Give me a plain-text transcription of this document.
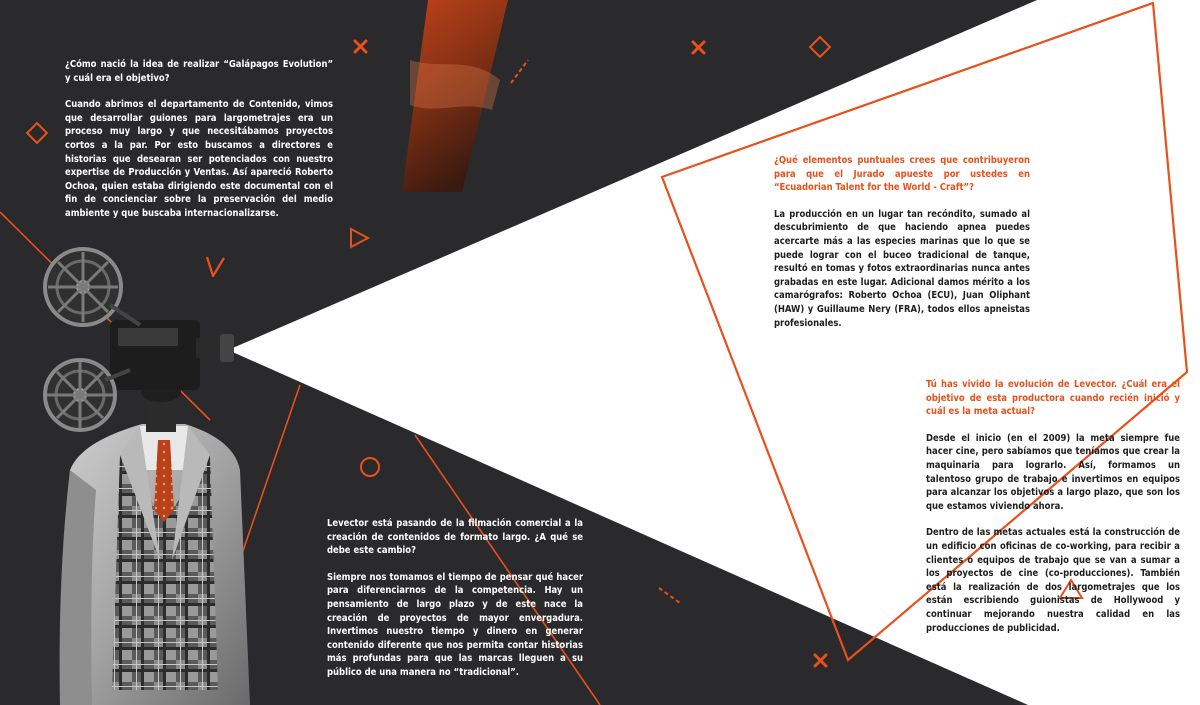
¿Cómo nació la idea de realizar “Galápagos Evolution” y cuál era el objetivo?

Cuando abrimos el departamento de Contenido, vimos que desarrollar guiones para largometrajes era un proceso muy largo y que necesitábamos proyectos cortos a la par. Por esto buscamos a directores e historias que desearan ser potenciados con nuestro expertise de Producción y Ventas. Así apareció Roberto Ochoa, quien estaba dirigiendo este documental con el fin de concienciar sobre la preservación del medio ambiente y que buscaba internacionalizarse.

¿Qué elementos puntuales crees que contribuyeron para que el Jurado apueste por ustedes en “Ecuadorian Talent for the World - Craft”?

La producción en un lugar tan recóndito, sumado al descubrimiento de que haciendo apnea puedes acercarte más a las especies marinas que lo que se puede lograr con el buceo tradicional de tanque, resultó en tomas y fotos extraordinarias nunca antes grabadas en este lugar. Adicional damos mérito a los camarógrafos: Roberto Ochoa (ECU), Juan Oliphant (HAW) y Guillaume Nery (FRA), todos ellos apneistas profesionales.

Tú has vivido la evolución de Levector. ¿Cuál era el objetivo de esta productora cuando recién inició y cuál es la meta actual?

Desde el inicio (en el 2009) la meta siempre fue hacer cine, pero sabíamos que teníamos que crear la maquinaria para lograrlo. Así, formamos un talentoso grupo de trabajo e invertimos en equipos para alcanzar los objetivos a largo plazo, que son los que estamos viviendo ahora.

Dentro de las metas actuales está la construcción de un edificio con oficinas de co-working, para recibir a clientes o equipos de trabajo que se van a sumar a los proyectos de cine (co-producciones). También está la realización de dos largometrajes que los están escribiendo guionistas de Hollywood y continuar mejorando nuestra calidad en las producciones de publicidad.

Levector está pasando de la filmación comercial a la creación de contenidos de formato largo. ¿A qué se debe este cambio?

Siempre nos tomamos el tiempo de pensar qué hacer para diferenciarnos de la competencia. Hay un pensamiento de largo plazo y de este nace la creación de proyectos de mayor envergadura. Invertimos nuestro tiempo y dinero en generar contenido diferente que nos permita contar historias más profundas para que las marcas lleguen a su público de una manera no “tradicional”.
